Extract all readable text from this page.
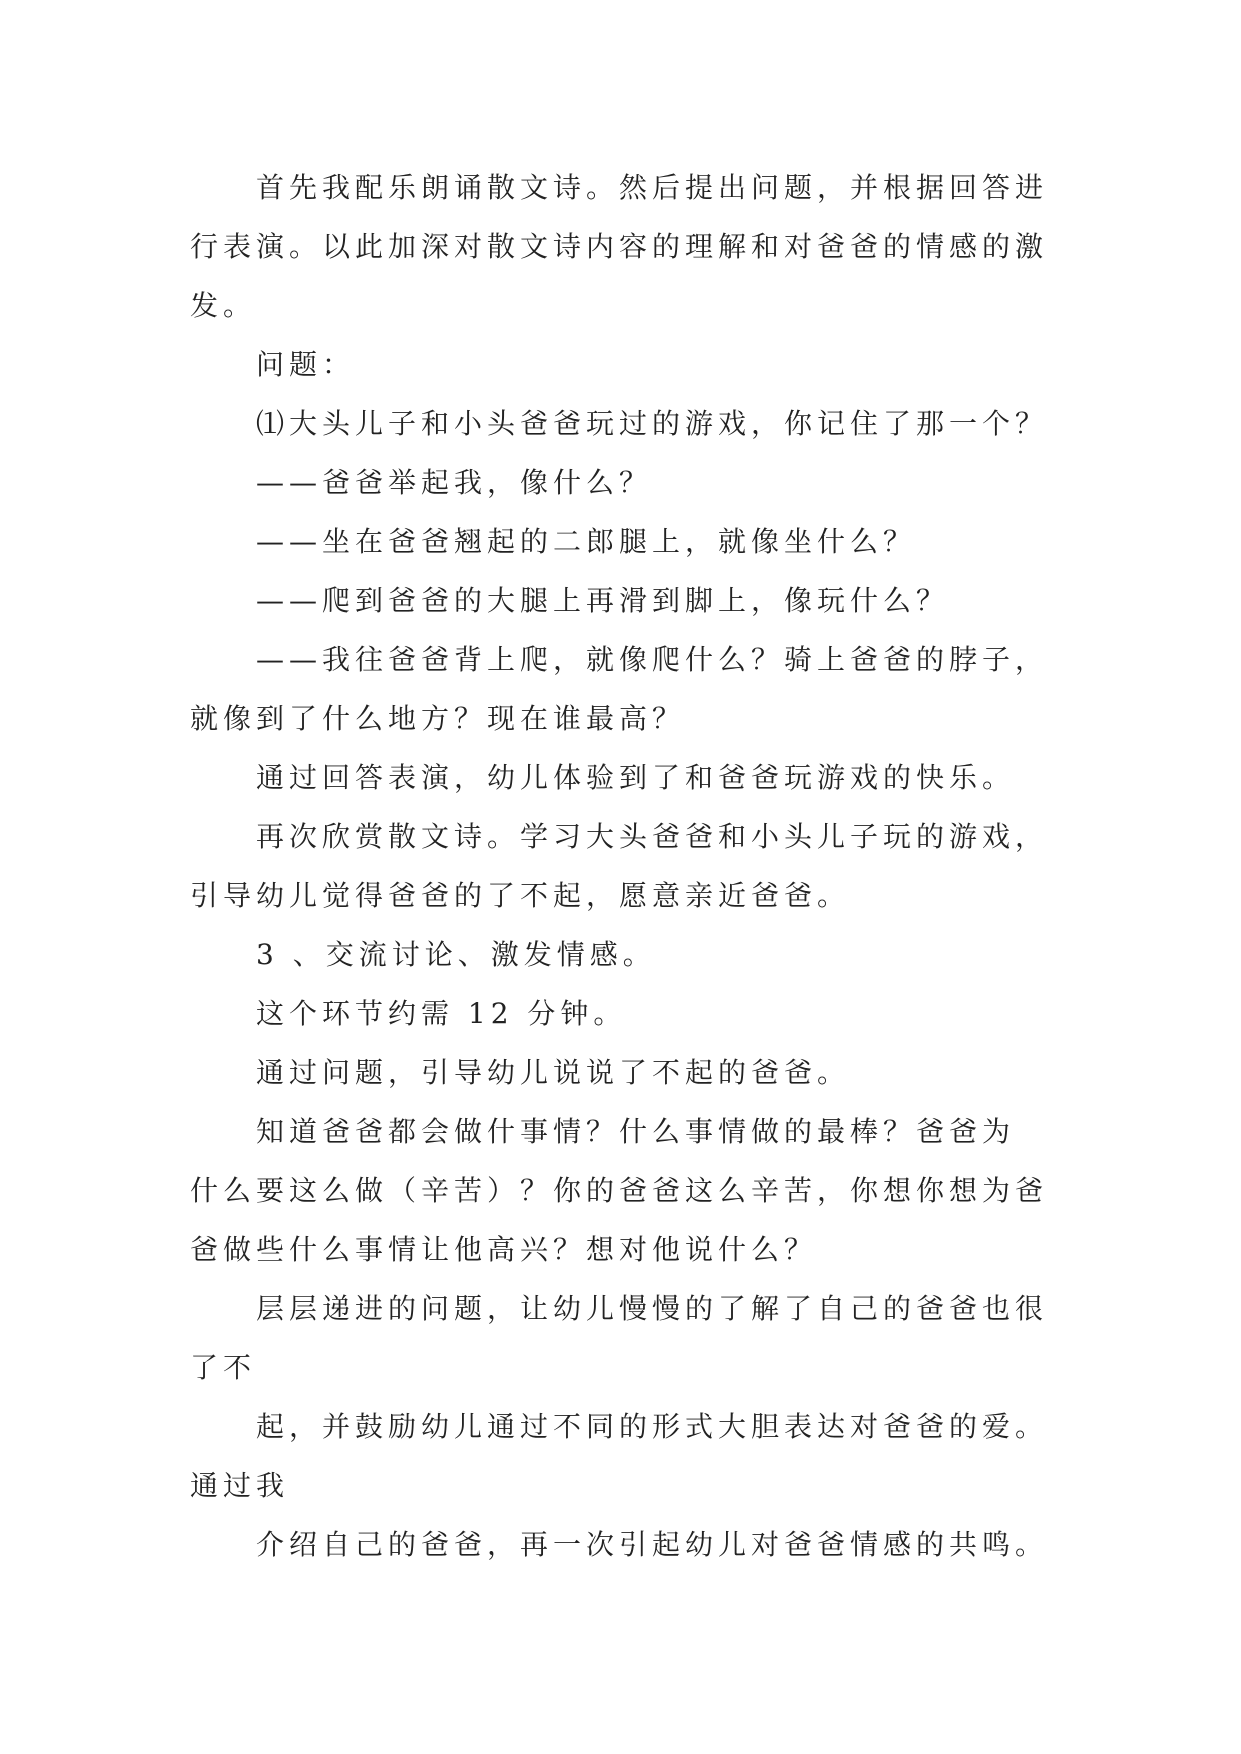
首先我配乐朗诵散文诗。然后提出问题，并根据回答进
行表演。以此加深对散文诗内容的理解和对爸爸的情感的激
发。
问题：
⑴大头儿子和小头爸爸玩过的游戏，你记住了那一个？
——爸爸举起我，像什么？
——坐在爸爸翘起的二郎腿上，就像坐什么？
——爬到爸爸的大腿上再滑到脚上，像玩什么？
——我往爸爸背上爬，就像爬什么？骑上爸爸的脖子，
就像到了什么地方？现在谁最高？
通过回答表演，幼儿体验到了和爸爸玩游戏的快乐。
再次欣赏散文诗。学习大头爸爸和小头儿子玩的游戏，
引导幼儿觉得爸爸的了不起，愿意亲近爸爸。
3 、交流讨论、激发情感。
这个环节约需 12 分钟。
通过问题，引导幼儿说说了不起的爸爸。
知道爸爸都会做什事情？什么事情做的最棒？爸爸为
什么要这么做（辛苦）？你的爸爸这么辛苦，你想你想为爸
爸做些什么事情让他高兴？想对他说什么？
层层递进的问题，让幼儿慢慢的了解了自己的爸爸也很
了不
起，并鼓励幼儿通过不同的形式大胆表达对爸爸的爱。
通过我
介绍自己的爸爸，再一次引起幼儿对爸爸情感的共鸣。
